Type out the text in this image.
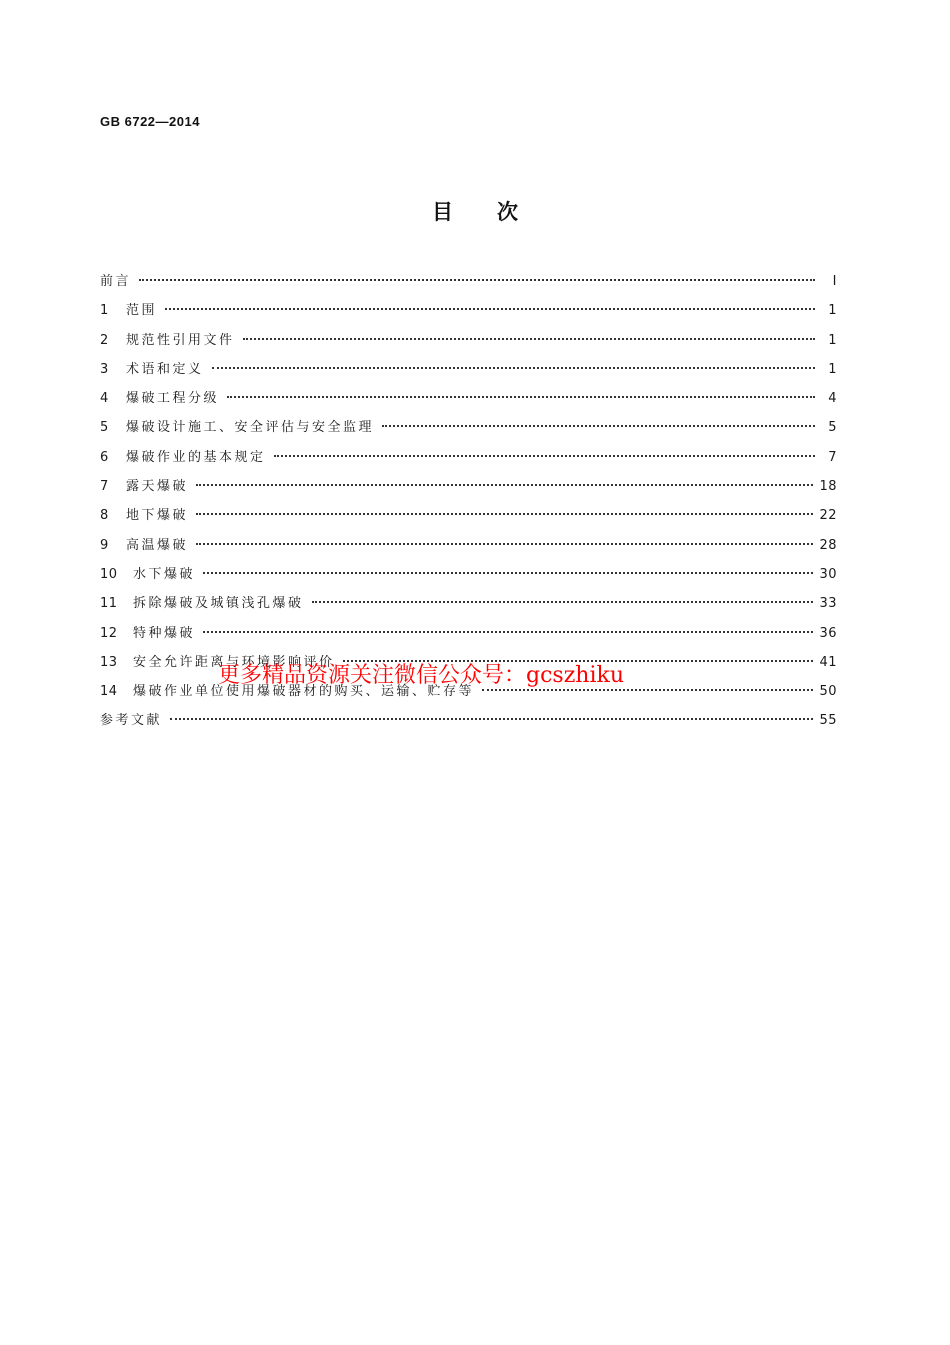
GB 6722—2014
目次
前言	Ⅰ
1	范围	1
2	规范性引用文件	1
3	术语和定义	1
4	爆破工程分级	4
5	爆破设计施工、安全评估与安全监理	5
6	爆破作业的基本规定	7
7	露天爆破	18
8	地下爆破	22
9	高温爆破	28
10	水下爆破	30
11	拆除爆破及城镇浅孔爆破	33
12	特种爆破	36
13	安全允许距离与环境影响评价	41
14	爆破作业单位使用爆破器材的购买、运输、贮存等	50
参考文献	55
更多精品资源关注微信公众号：gcszhiku
